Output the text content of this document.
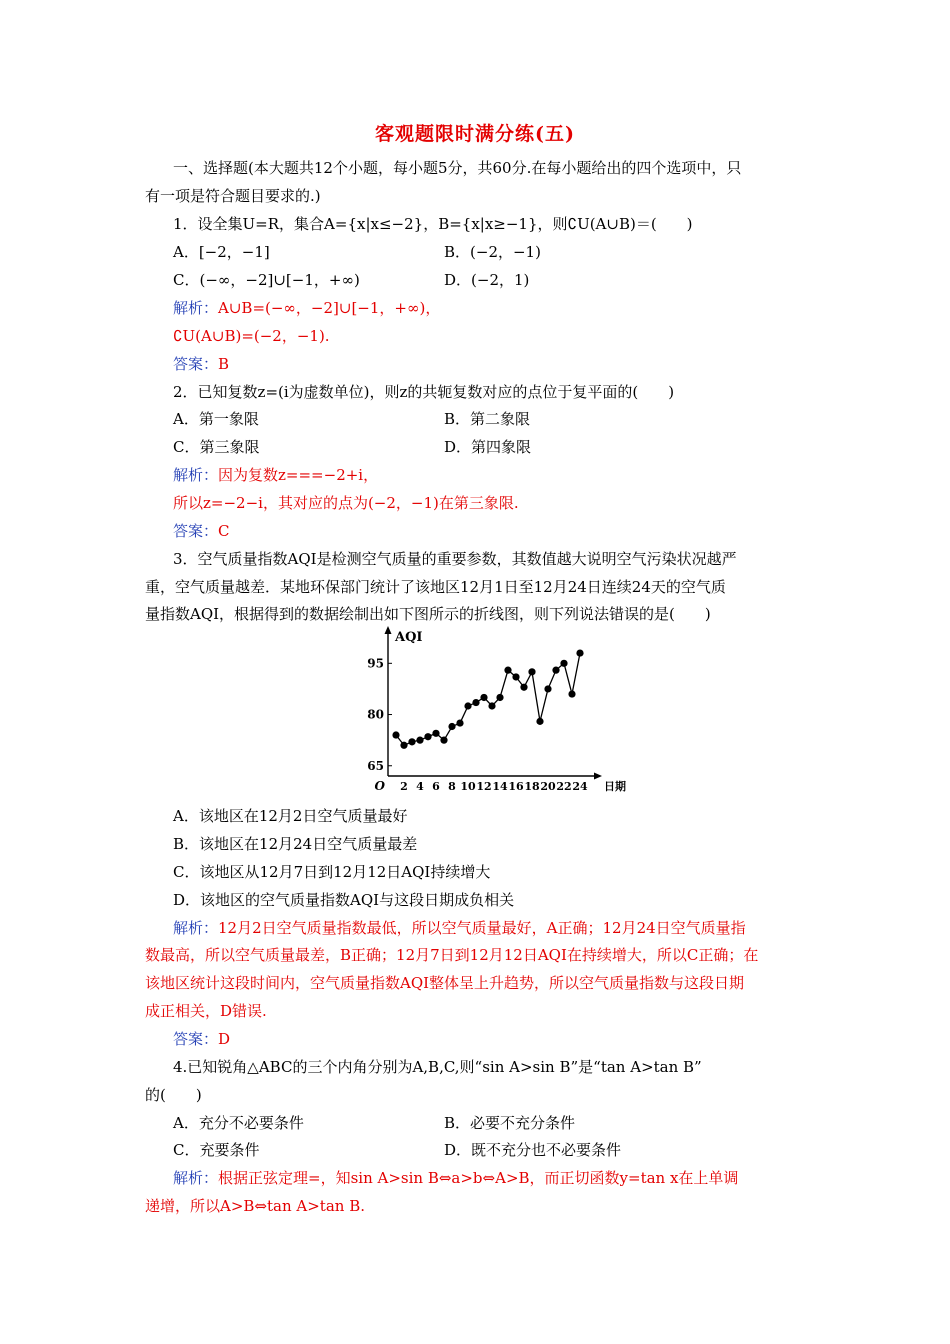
客观题限时满分练(五)
一、选择题(本大题共12个小题，每小题5分，共60分.在每小题给出的四个选项中，只
有一项是符合题目要求的.)
1．设全集U=R，集合A={x|x≤−2}，B={x|x≥−1}，则∁U(A∪B)＝(　　)
A．[−2，−1]	B．(−2，−1)
C．(−∞，−2]∪[−1，+∞)	D．(−2，1)
解析：A∪B=(−∞，−2]∪[−1，+∞)，
∁U(A∪B)=(−2，−1).
答案：B
2．已知复数z=(i为虚数单位)，则z的共轭复数对应的点位于复平面的(　　)
A．第一象限	B．第二象限
C．第三象限	D．第四象限
解析：因为复数z===−2+i，
所以z=−2−i，其对应的点为(−2，−1)在第三象限.
答案：C
3．空气质量指数AQI是检测空气质量的重要参数，其数值越大说明空气污染状况越严
重，空气质量越差．某地环保部门统计了该地区12月1日至12月24日连续24天的空气质
量指数AQI，根据得到的数据绘制出如下图所示的折线图，则下列说法错误的是(　　)
AQI
日期
O
65
80
95
2 4 6 8 10 12 14 16 18 20 22 24
A．该地区在12月2日空气质量最好
B．该地区在12月24日空气质量最差
C．该地区从12月7日到12月12日AQI持续增大
D．该地区的空气质量指数AQI与这段日期成负相关
解析：12月2日空气质量指数最低，所以空气质量最好，A正确；12月24日空气质量指
数最高，所以空气质量最差，B正确；12月7日到12月12日AQI在持续增大，所以C正确；在
该地区统计这段时间内，空气质量指数AQI整体呈上升趋势，所以空气质量指数与这段日期
成正相关，D错误.
答案：D
4.已知锐角△ABC的三个内角分别为A,B,C,则“sin A>sin B”是“tan A>tan B”
的(　　)
A．充分不必要条件	B．必要不充分条件
C．充要条件	D．既不充分也不必要条件
解析：根据正弦定理=，知sin A>sin B⇔a>b⇔A>B，而正切函数y=tan x在上单调
递增，所以A>B⇔tan A>tan B.
